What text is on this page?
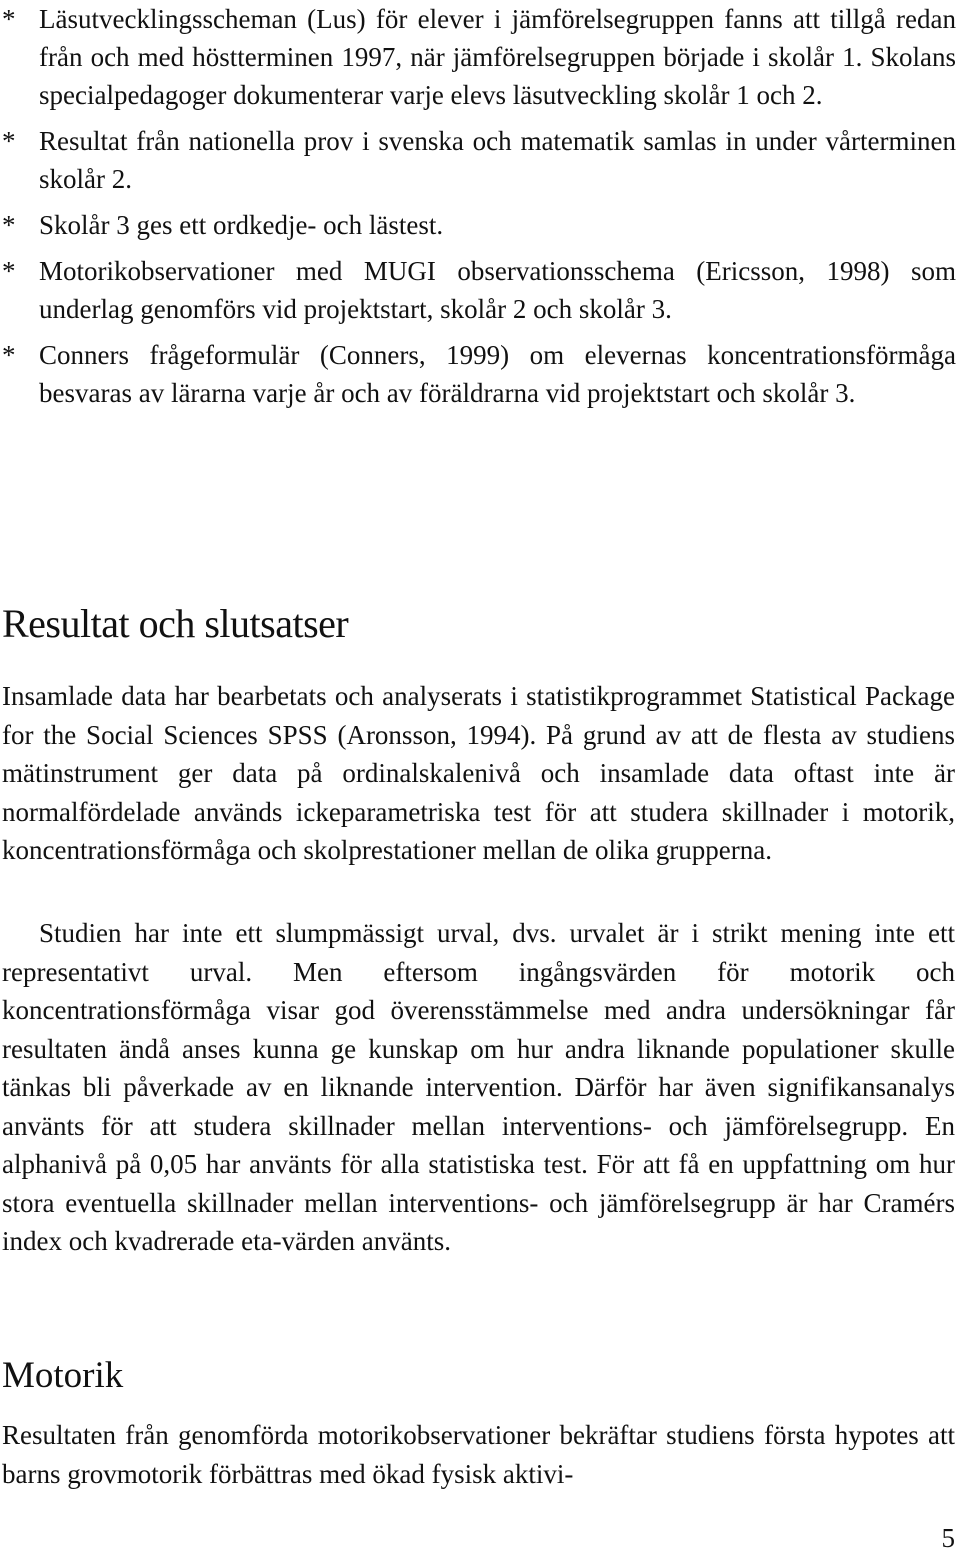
* Läsutvecklingsscheman (Lus) för elever i jämförelsegruppen fanns att tillgå redan från och med höstterminen 1997, när jämförelsegruppen började i skolår 1. Skolans specialpedagoger dokumenterar varje elevs läsutveckling skolår 1 och 2.
* Resultat från nationella prov i svenska och matematik samlas in under vårterminen skolår 2.
* Skolår 3 ges ett ordkedje- och lästest.
* Motorikobservationer med MUGI observationsschema (Ericsson, 1998) som underlag genomförs vid projektstart, skolår 2 och skolår 3.
* Conners frågeformulär (Conners, 1999) om elevernas koncentrationsförmåga besvaras av lärarna varje år och av föräldrarna vid projektstart och skolår 3.
Resultat och slutsatser

Insamlade data har bearbetats och analyserats i statistikprogrammet Statistical Package for the Social Sciences SPSS (Aronsson, 1994). På grund av att de flesta av studiens mätinstrument ger data på ordinalskalenivå och insamlade data oftast inte är normalfördelade används ickeparametriska test för att studera skillnader i motorik, koncentrationsförmåga och skolprestationer mellan de olika grupperna.

Studien har inte ett slumpmässigt urval, dvs. urvalet är i strikt mening inte ett representativt urval. Men eftersom ingångsvärden för motorik och koncentrationsförmåga visar god överensstämmelse med andra undersökningar får resultaten ändå anses kunna ge kunskap om hur andra liknande populationer skulle tänkas bli påverkade av en liknande intervention. Därför har även signifikansanalys använts för att studera skillnader mellan interventions- och jämförelsegrupp. En alphanivå på 0,05 har använts för alla statistiska test. För att få en uppfattning om hur stora eventuella skillnader mellan interventions- och jämförelsegrupp är har Cramérs index och kvadrerade eta-värden använts.

Motorik

Resultaten från genomförda motorikobservationer bekräftar studiens första hypotes att barns grovmotorik förbättras med ökad fysisk aktivi-

5
